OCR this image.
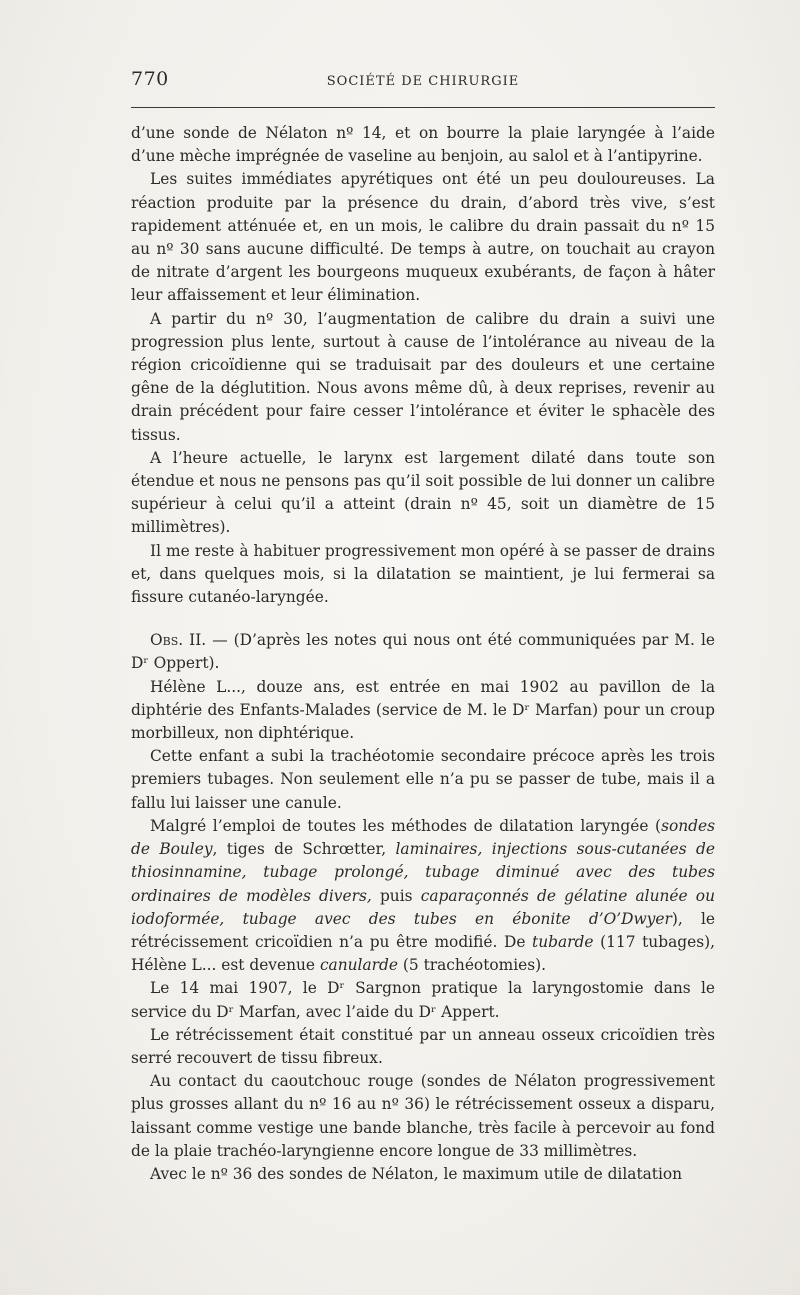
770	SOCIÉTÉ DE CHIRURGIE

d’une sonde de Nélaton nº 14, et on bourre la plaie laryngée à l’aide d’une mèche imprégnée de vaseline au benjoin, au salol et à l’antipyrine.

Les suites immédiates apyrétiques ont été un peu douloureuses. La réaction produite par la présence du drain, d’abord très vive, s’est rapidement atténuée et, en un mois, le calibre du drain passait du nº 15 au nº 30 sans aucune difficulté. De temps à autre, on touchait au crayon de nitrate d’argent les bourgeons muqueux exubérants, de façon à hâter leur affaissement et leur élimination.

A partir du nº 30, l’augmentation de calibre du drain a suivi une progression plus lente, surtout à cause de l’intolérance au niveau de la région cricoïdienne qui se traduisait par des douleurs et une certaine gêne de la déglutition. Nous avons même dû, à deux reprises, revenir au drain précédent pour faire cesser l’intolérance et éviter le sphacèle des tissus.

A l’heure actuelle, le larynx est largement dilaté dans toute son étendue et nous ne pensons pas qu’il soit possible de lui donner un calibre supérieur à celui qu’il a atteint (drain nº 45, soit un diamètre de 15 millimètres).

Il me reste à habituer progressivement mon opéré à se passer de drains et, dans quelques mois, si la dilatation se maintient, je lui fermerai sa fissure cutanéo-laryngée.

Obs. II. — (D’après les notes qui nous ont été communiquées par M. le Dʳ Oppert).

Hélène L..., douze ans, est entrée en mai 1902 au pavillon de la diphtérie des Enfants-Malades (service de M. le Dʳ Marfan) pour un croup morbilleux, non diphtérique.

Cette enfant a subi la trachéotomie secondaire précoce après les trois premiers tubages. Non seulement elle n’a pu se passer de tube, mais il a fallu lui laisser une canule.

Malgré l’emploi de toutes les méthodes de dilatation laryngée (sondes de Bouley, tiges de Schrœtter, laminaires, injections sous-cutanées de thiosinnamine, tubage prolongé, tubage diminué avec des tubes ordinaires de modèles divers, puis caparaçonnés de gélatine alunée ou iodoformée, tubage avec des tubes en ébonite d’O’Dwyer), le rétrécissement cricoïdien n’a pu être modifié. De tubarde (117 tubages), Hélène L... est devenue canularde (5 trachéotomies).

Le 14 mai 1907, le Dʳ Sargnon pratique la laryngostomie dans le service du Dʳ Marfan, avec l’aide du Dʳ Appert.

Le rétrécissement était constitué par un anneau osseux cricoïdien très serré recouvert de tissu fibreux.

Au contact du caoutchouc rouge (sondes de Nélaton progressivement plus grosses allant du nº 16 au nº 36) le rétrécissement osseux a disparu, laissant comme vestige une bande blanche, très facile à percevoir au fond de la plaie trachéo-laryngienne encore longue de 33 millimètres.

Avec le nº 36 des sondes de Nélaton, le maximum utile de dilatation
